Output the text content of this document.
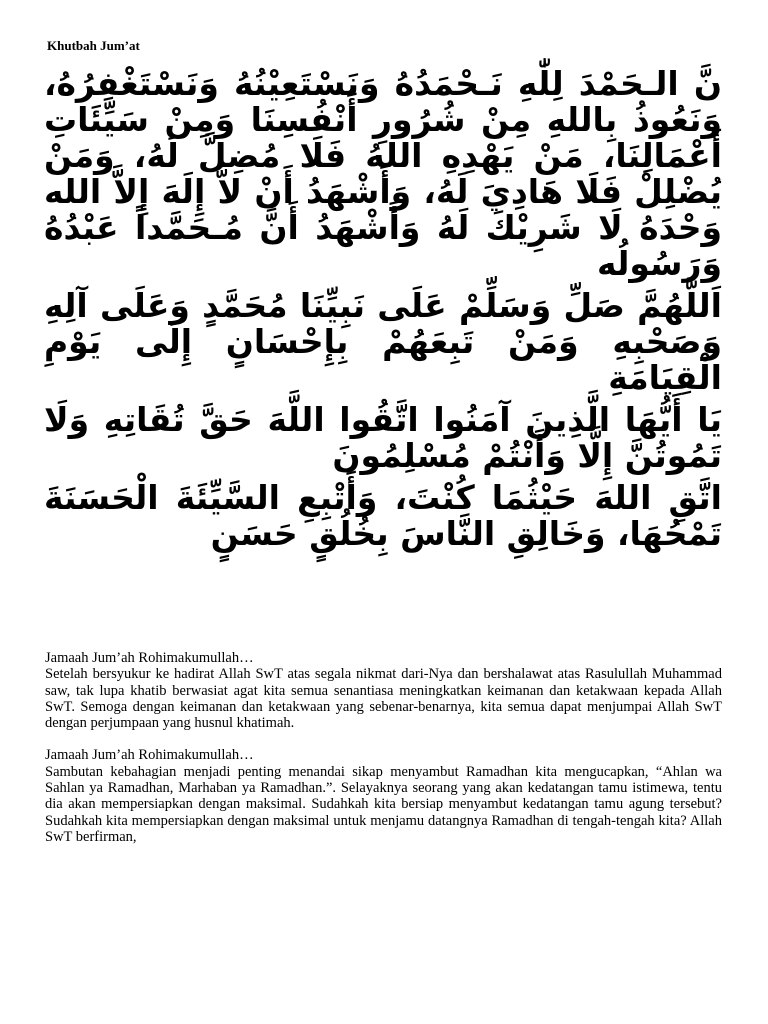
Khutbah Jum’at

نَّ الـحَمْدَ لِلّٰهِ نَـحْمَدُهُ وَنَسْتَعِيْنُهُ وَنَسْتَغْفِرُهُ، وَنَعُوذُ بِاللهِ مِنْ شُرُورِ أَنْفُسِنَا وَمِنْ سَيِّئَاتِ أَعْمَالِنَا، مَنْ يَهْدِهِ اللهُ فَلَا مُضِلَّ لَهُ، وَمَنْ يُضْلِلْ فَلَا هَادِيَ لَهُ، وَأَشْهَدُ أَنْ لاَّ إِلَهَ إِلاَّ الله وَحْدَهُ لَا شَرِيْكَ لَهُ وَأَشْهَدُ أَنَّ مُـحَمَّداً عَبْدُهُ وَرَسُولُه

اَللَّهُمَّ صَلِّ وَسَلِّمْ عَلَى نَبِيِّنَا مُحَمَّدٍ وَعَلَى آلِهِ وَصَحْبِهِ وَمَنْ تَبِعَهُمْ بِإِحْسَانٍ إِلَى يَوْمِ الْقِيَامَةِ

يَا أَيُّهَا الَّذِينَ آمَنُوا اتَّقُوا اللَّهَ حَقَّ تُقَاتِهِ وَلَا تَمُوتُنَّ إِلَّا وَأَنْتُمْ مُسْلِمُونَ

اتَّقِ اللهَ حَيْثُمَا كُنْتَ، وَأَتْبِعِ السَّيِّئَةَ الْحَسَنَةَ تَمْحُهَا، وَخَالِقِ النَّاسَ بِخُلُقٍ حَسَنٍ

Jamaah Jum’ah Rohimakumullah…

Setelah bersyukur ke hadirat Allah SwT atas segala nikmat dari-Nya dan bershalawat atas Rasulullah Muhammad saw, tak lupa khatib berwasiat agat kita semua senantiasa meningkatkan keimanan dan ketakwaan kepada Allah SwT. Semoga dengan keimanan dan ketakwaan yang sebenar-benarnya, kita semua dapat menjumpai Allah SwT dengan perjumpaan yang husnul khatimah.

Jamaah Jum’ah Rohimakumullah…

Sambutan kebahagian menjadi penting menandai sikap menyambut Ramadhan kita mengucapkan, “Ahlan wa Sahlan ya Ramadhan, Marhaban ya Ramadhan.”. Selayaknya seorang yang akan kedatangan tamu istimewa, tentu dia akan mempersiapkan dengan maksimal. Sudahkah kita bersiap menyambut kedatangan tamu agung tersebut? Sudahkah kita mempersiapkan dengan maksimal untuk menjamu datangnya Ramadhan di tengah-tengah kita? Allah SwT berfirman,
